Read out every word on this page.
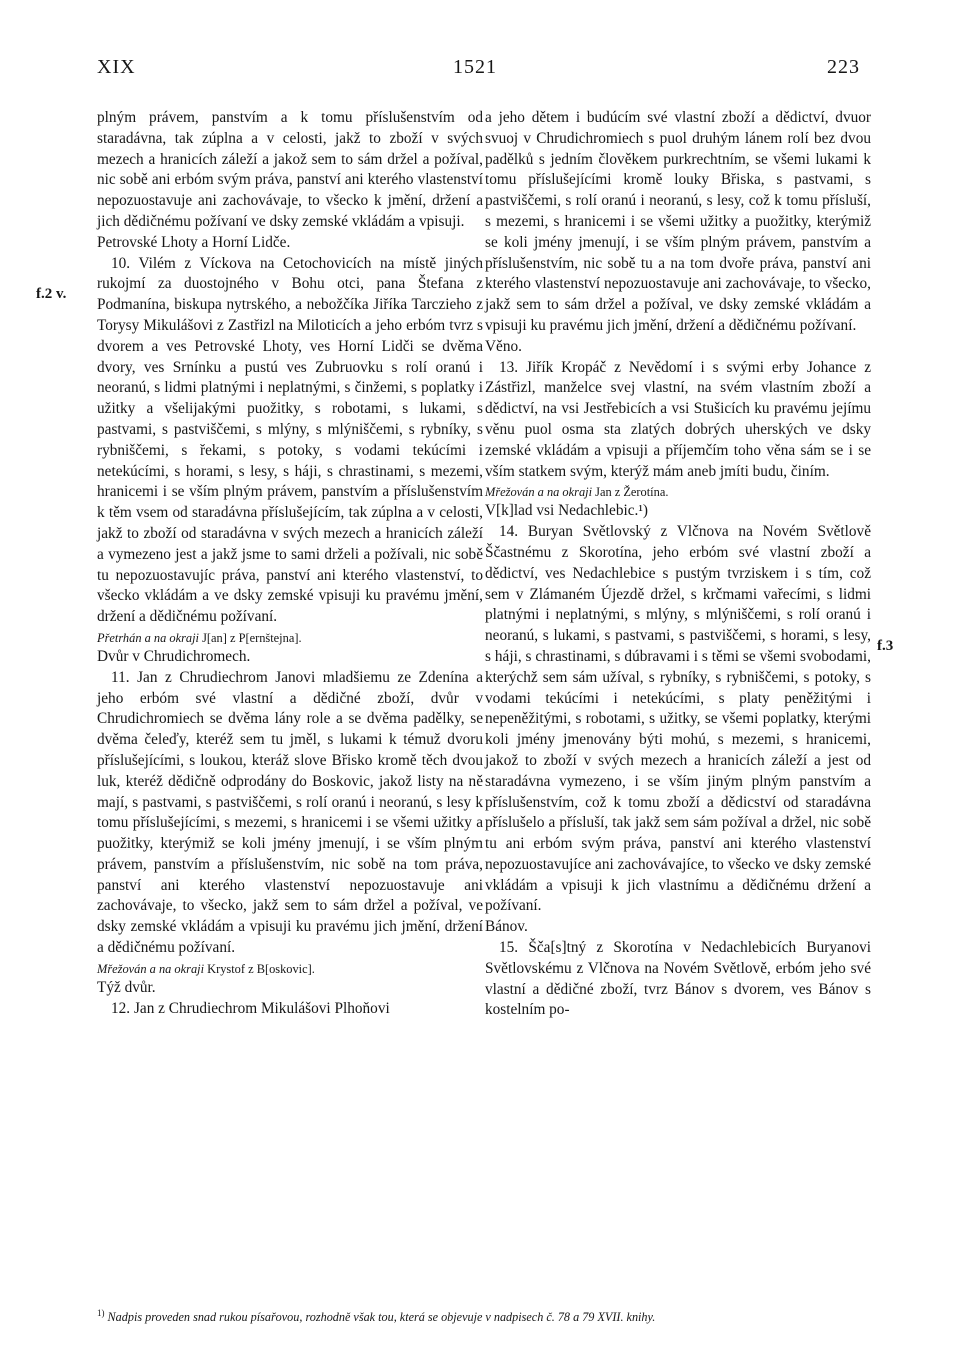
XIX	1521	223
f.2 v.
f.3

plným právem, panstvím a k tomu příslušenstvím od staradávna, tak zúplna a v celosti, jakž to zboží v svých mezech a hranicích záleží a jakož sem to sám držel a požíval, nic sobě ani erbóm svým práva, panství ani kterého vlastenství nepozuostavuje ani zachovávaje, to všecko k jmění, držení a jich dědičnému požívaní ve dsky zemské vkládám a vpisuji.

Petrovské Lhoty a Horní Lidče.

10. Vilém z Víckova na Cetochovicích na místě jiných rukojmí za duostojného v Bohu otci, pana Štefana z Podmanína, biskupa nytrského, a nebožčíka Jiříka Tarczieho z Torysy Mikulášovi z Zastřizl na Miloticích a jeho erbóm tvrz s dvorem a ves Petrovské Lhoty, ves Horní Lidči se dvěma dvory, ves Srnínku a pustú ves Zubruovku s rolí oranú i neoranú, s lidmi platnými i neplatnými, s činžemi, s poplatky i užitky a všelijakými puožitky, s robotami, s lukami, s pastvami, s pastviščemi, s mlýny, s mlýniščemi, s rybníky, s rybniščemi, s řekami, s potoky, s vodami tekúcími i netekúcími, s horami, s lesy, s háji, s chrastinami, s mezemi, hranicemi i se vším plným právem, panstvím a příslušenstvím k těm vsem od staradávna příslušejícím, tak zúplna a v celosti, jakž to zboží od staradávna v svých mezech a hranicích záleží a vymezeno jest a jakž jsme to sami drželi a požívali, nic sobě tu nepozuostavujíc práva, panství ani kterého vlastenství, to všecko vkládám a ve dsky zemské vpisuji ku pravému jmění, držení a dědičnému požívaní.

Přetrhán a na okraji J[an] z P[ernštejna].

Dvůr v Chrudichromech.

11. Jan z Chrudiechrom Janovi mladšiemu ze Zdenína a jeho erbóm své vlastní a dědičné zboží, dvůr v Chrudichromiech se dvěma lány role a se dvěma padělky, se dvěma čeleďy, kteréž sem tu jměl, s lukami k témuž dvoru příslušejícími, s loukou, kteráž slove Břisko kromě těch dvou luk, kteréž dědičně odprodány do Boskovic, jakož listy na ně mají, s pastvami, s pastviščemi, s rolí oranú i neoranú, s lesy k tomu příslušejícími, s mezemi, s hranicemi i se všemi užitky a puožitky, kterýmiž se koli jmény jmenují, i se vším plným právem, panstvím a příslušenstvím, nic sobě na tom práva, panství ani kterého vlastenství nepozuostavuje ani zachovávaje, to všecko, jakž sem to sám držel a požíval, ve dsky zemské vkládám a vpisuji ku pravému jich jmění, držení a dědičnému požívaní.

Mřežován a na okraji Krystof z B[oskovic].

Týž dvůr.

12. Jan z Chrudiechrom Mikulášovi Plhoňovi

a jeho dětem i budúcím své vlastní zboží a dědictví, dvuor svuoj v Chrudichromiech s puol druhým lánem rolí bez dvou padělků s jedním člověkem purkrechtním, se všemi lukami k tomu příslušejícími kromě louky Břiska, s pastvami, s pastviščemi, s rolí oranú i neoranú, s lesy, což k tomu přísluší, s mezemi, s hranicemi i se všemi užitky a puožitky, kterýmiž se koli jmény jmenují, i se vším plným právem, panstvím a příslušenstvím, nic sobě tu a na tom dvoře práva, panství ani kterého vlastenství nepozuostavuje ani zachovávaje, to všecko, jakž sem to sám držel a požíval, ve dsky zemské vkládám a vpisuji ku pravému jich jmění, držení a dědičnému požívaní.

Věno.

13. Jiřík Kropáč z Nevědomí i s svými erby Johance z Zástřizl, manželce svej vlastní, na svém vlastním zboží a dědictví, na vsi Jestřebicích a vsi Stušicích ku pravému jejímu věnu puol osma sta zlatých dobrých uherských ve dsky zemské vkládám a vpisuji a příjemčím toho věna sám se i se vším statkem svým, kterýž mám aneb jmíti budu, činím.

Mřežován a na okraji Jan z Žerotína.

V[k]lad vsi Nedachlebic.¹)

14. Buryan Světlovský z Vlčnova na Novém Světlově Ščastnému z Skorotína, jeho erbóm své vlastní zboží a dědictví, ves Nedachlebice s pustým tvrziskem i s tím, což sem v Zlámaném Újezdě držel, s krčmami vařecími, s lidmi platnými i neplatnými, s mlýny, s mlýniščemi, s rolí oranú i neoranú, s lukami, s pastvami, s pastviščemi, s horami, s lesy, s háji, s chrastinami, s dúbravami i s těmi se všemi svobodami, kterýchž sem sám užíval, s rybníky, s rybniščemi, s potoky, s vodami tekúcími i netekúcími, s platy peněžitými i nepeněžitými, s robotami, s užitky, se všemi poplatky, kterými koli jmény jmenovány býti mohú, s mezemi, s hranicemi, jakož to zboží v svých mezech a hranicích záleží a jest od staradávna vymezeno, i se vším jiným plným panstvím a příslušenstvím, což k tomu zboží a dědicství od staradávna příslušelo a přísluší, tak jakž sem sám požíval a držel, nic sobě tu ani erbóm svým práva, panství ani kterého vlastenství nepozuostavujíce ani zachovávajíce, to všecko ve dsky zemské vkládám a vpisuji k jich vlastnímu a dědičnému držení a požívaní.

Bánov.

15. Šča[s]tný z Skorotína v Nedachlebicích Buryanovi Světlovskému z Vlčnova na Novém Světlově, erbóm jeho své vlastní a dědičné zboží, tvrz Bánov s dvorem, ves Bánov s kostelním po-

$^{1)}$ Nadpis proveden snad rukou písařovou, rozhodně však tou, která se objevuje v nadpisech č. 78 a 79 XVII. knihy.
